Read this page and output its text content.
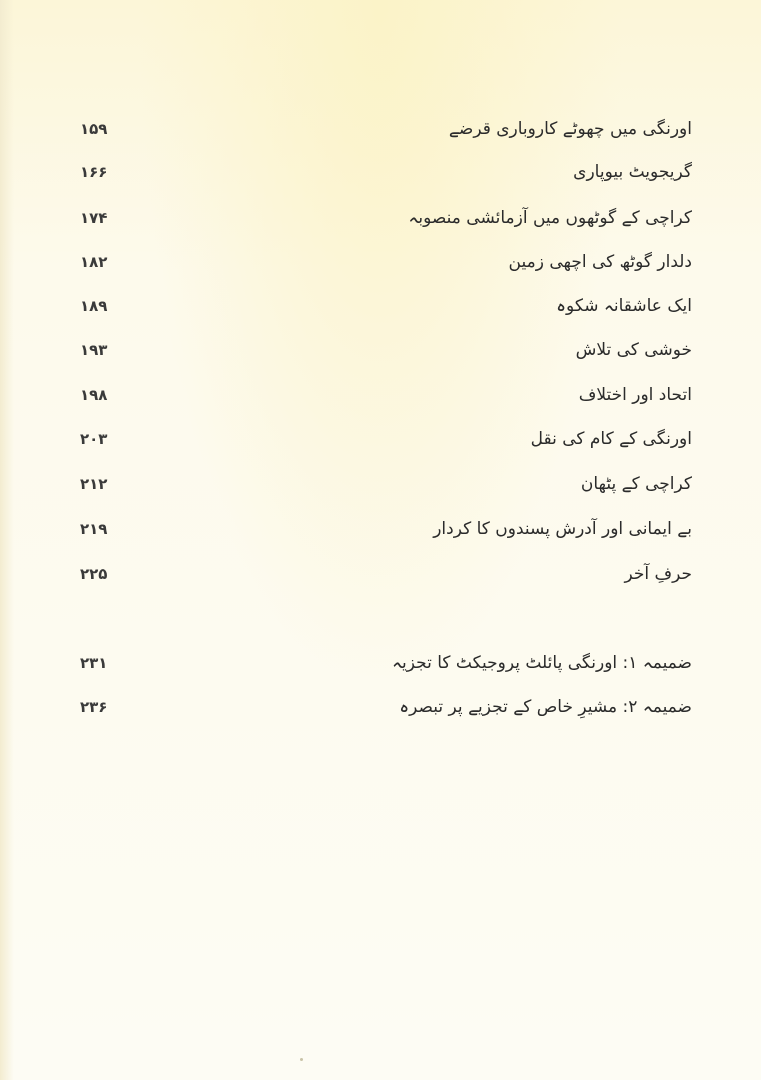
اورنگی میں چھوٹے کاروباری قرضے
۱۵۹
گریجویٹ بیوپاری
۱۶۶
کراچی کے گوٹھوں میں آزمائشی منصوبہ
۱۷۴
دلدار گوٹھ کی اچھی زمین
۱۸۲
ایک عاشقانہ شکوہ
۱۸۹
خوشی کی تلاش
۱۹۳
اتحاد اور اختلاف
۱۹۸
اورنگی کے کام کی نقل
۲۰۳
کراچی کے پٹھان
۲۱۲
بے ایمانی اور آدرش پسندوں کا کردار
۲۱۹
حرفِ آخر
۲۲۵
ضمیمہ ۱: اورنگی پائلٹ پروجیکٹ کا تجزیہ
۲۳۱
ضمیمہ ۲: مشیرِ خاص کے تجزیے پر تبصرہ
۲۳۶
